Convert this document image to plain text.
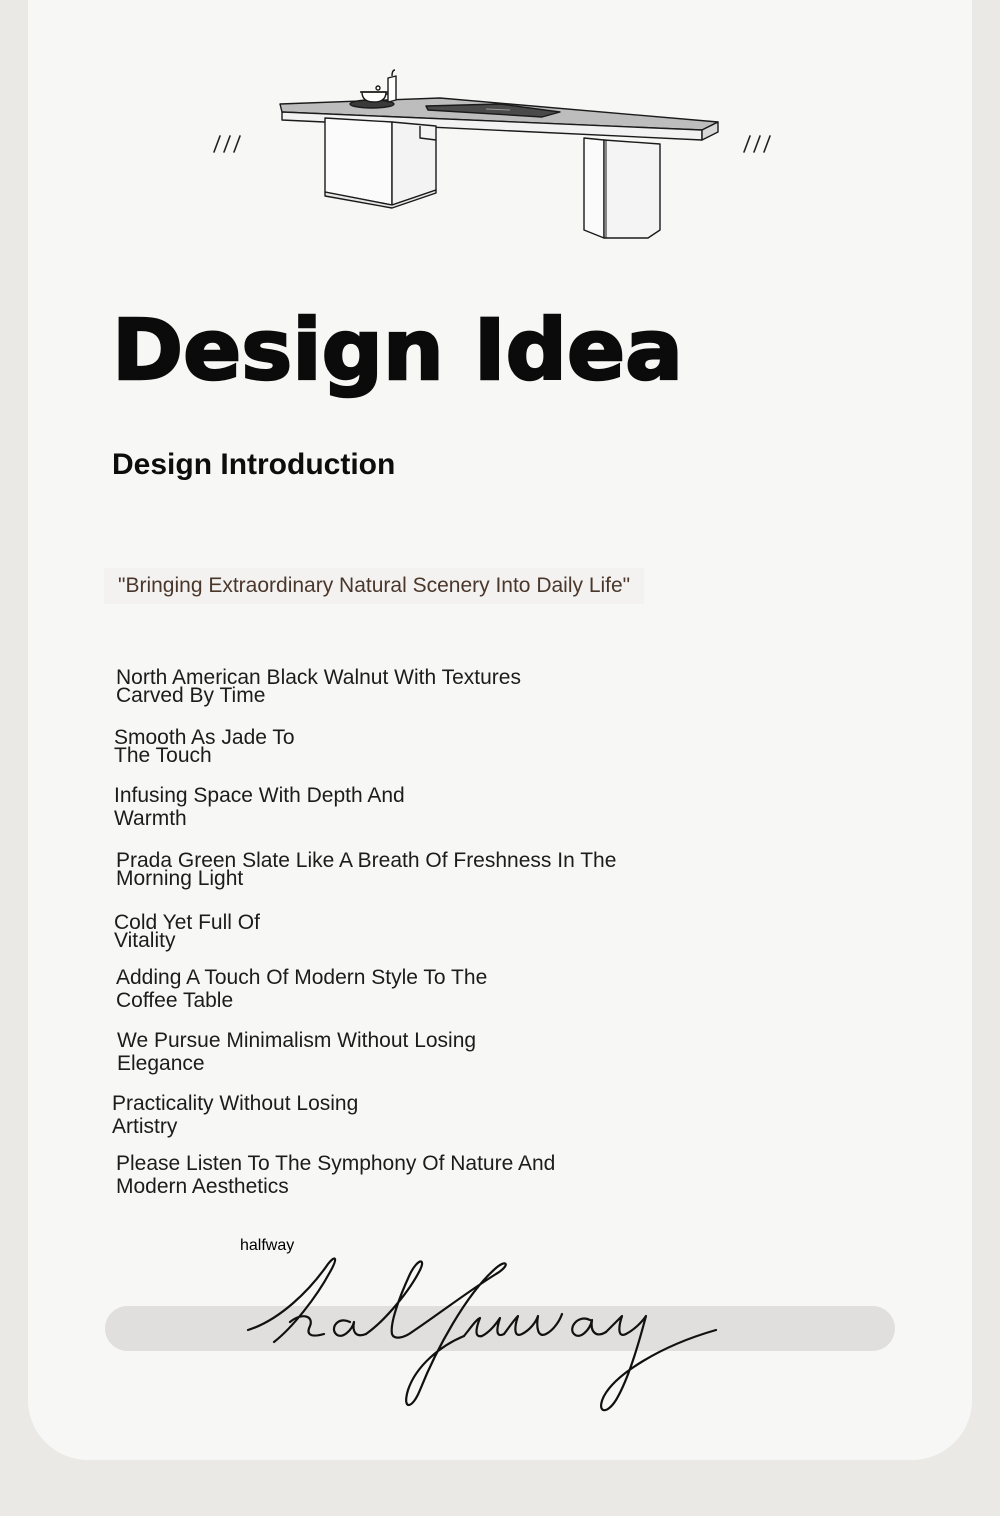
Design Idea
Design Introduction
"Bringing Extraordinary Natural Scenery Into Daily Life"

North American Black Walnut With Textures
Carved By Time

Smooth As Jade To
The Touch

Infusing Space With Depth And
Warmth

Prada Green Slate Like A Breath Of Freshness In The
Morning Light

Cold Yet Full Of
Vitality

Adding A Touch Of Modern Style To The
Coffee Table

We Pursue Minimalism Without Losing
Elegance

Practicality Without Losing
Artistry

Please Listen To The Symphony Of Nature And
Modern Aesthetics

halfway
